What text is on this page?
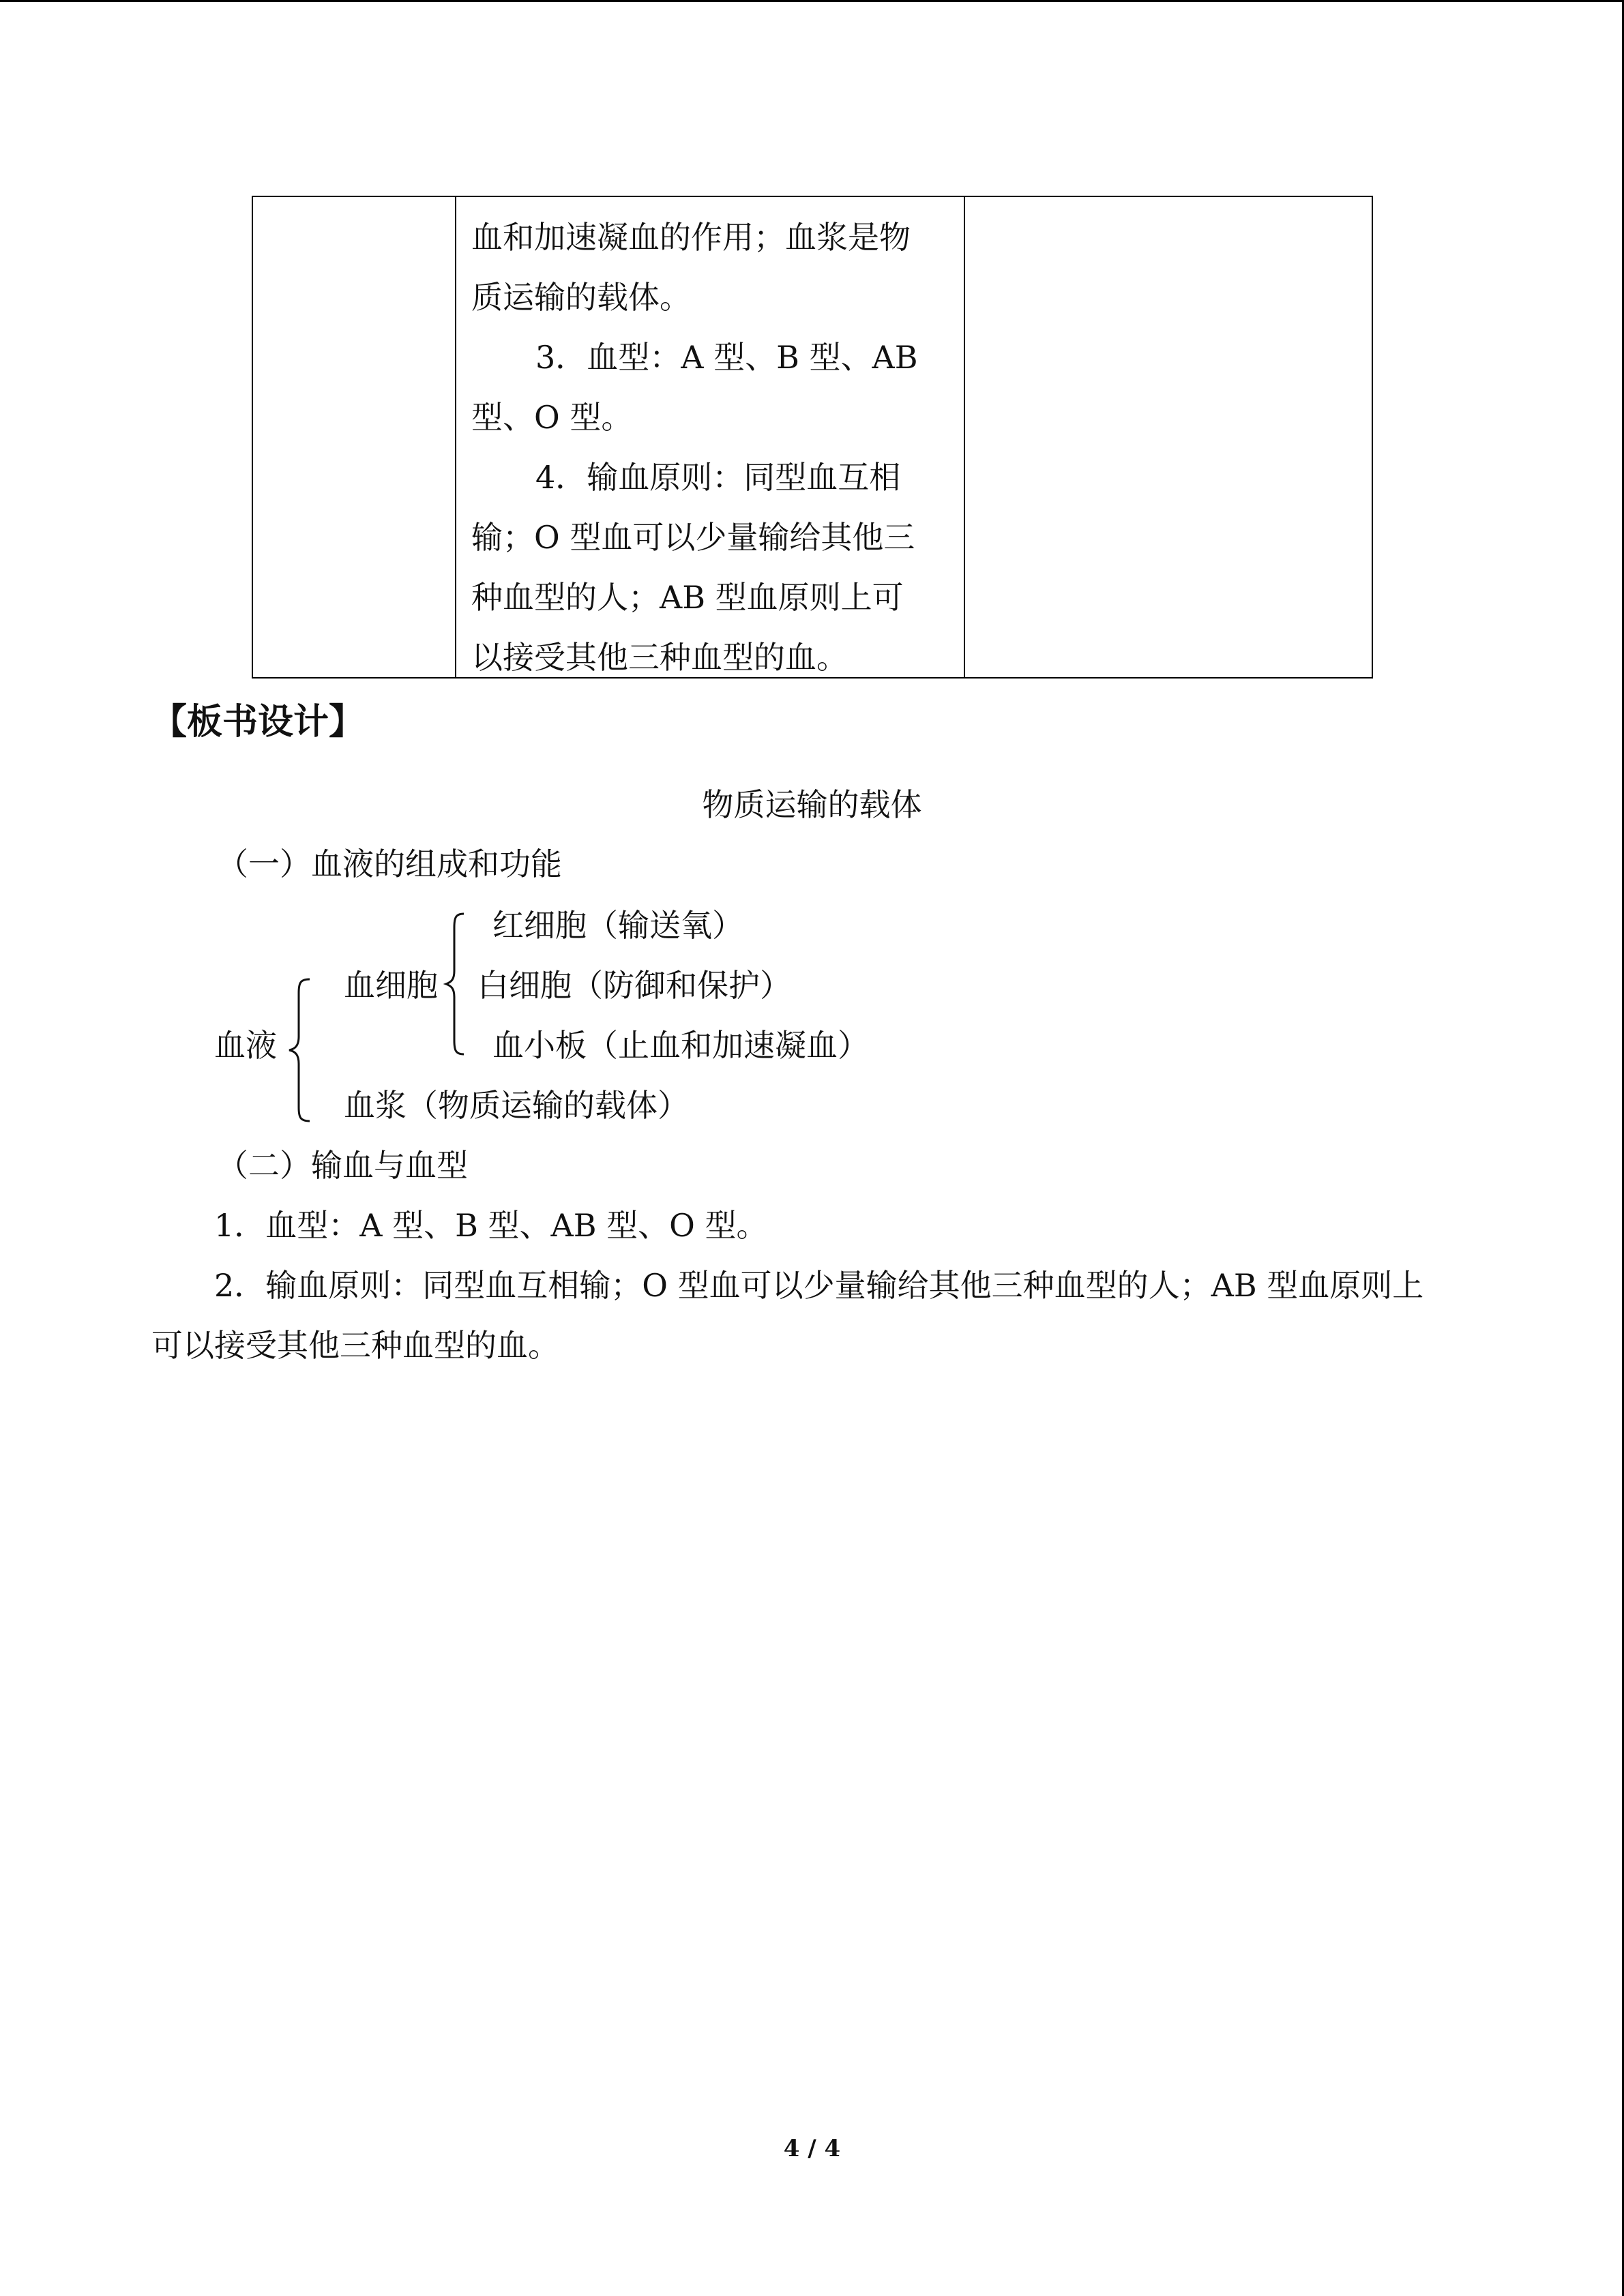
血和加速凝血的作用；血浆是物
质运输的载体。
3．血型：A 型、B 型、AB
型、O 型。
4．输血原则：同型血互相
输；O 型血可以少量输给其他三
种血型的人；AB 型血原则上可
以接受其他三种血型的血。
【板书设计】
物质运输的载体
（一）血液的组成和功能
血液
血细胞
红细胞（输送氧）
白细胞（防御和保护）
血小板（止血和加速凝血）
血浆（物质运输的载体）
（二）输血与血型
1．血型：A 型、B 型、AB 型、O 型。
2．输血原则：同型血互相输；O 型血可以少量输给其他三种血型的人；AB 型血原则上
可以接受其他三种血型的血。
4 / 4
